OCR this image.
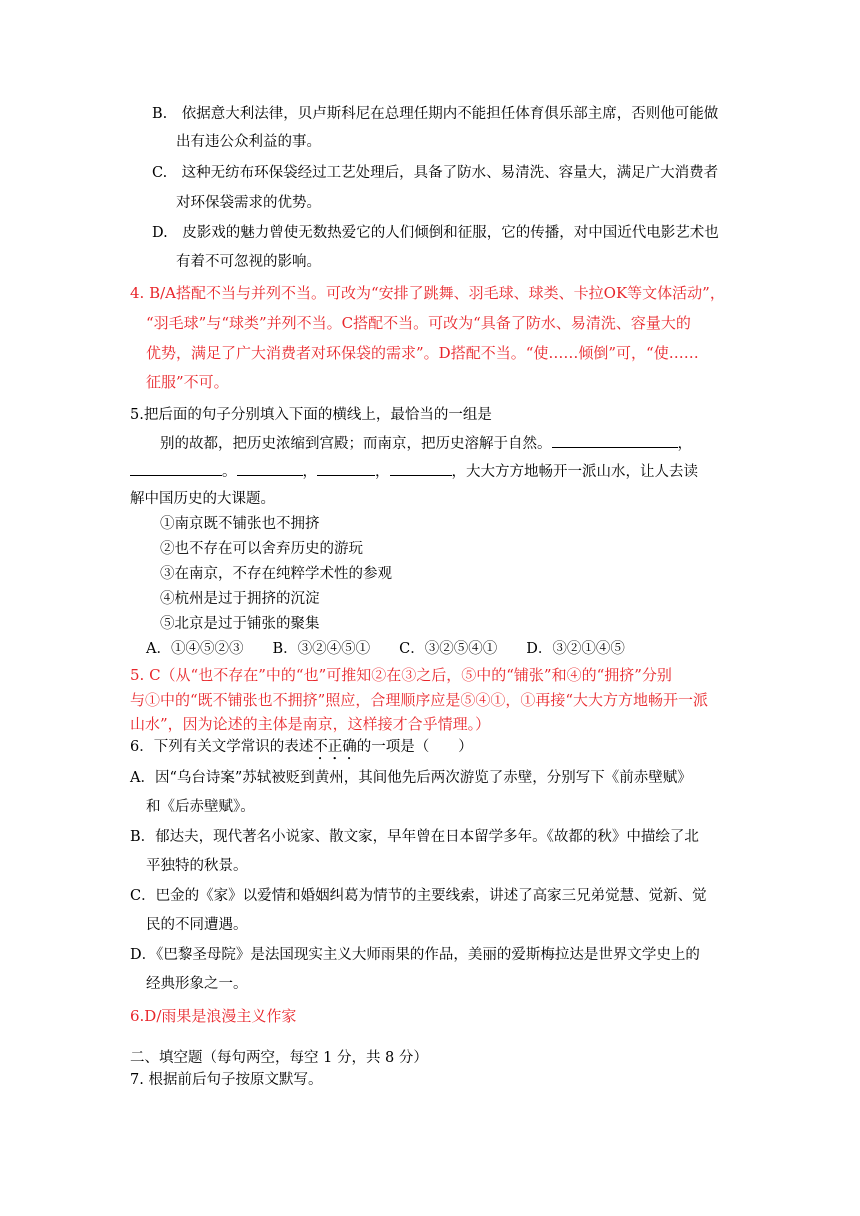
B.　依据意大利法律，贝卢斯科尼在总理任期内不能担任体育俱乐部主席，否则他可能做
出有违公众利益的事。
C.　这种无纺布环保袋经过工艺处理后，具备了防水、易清洗、容量大，满足广大消费者
对环保袋需求的优势。
D.　皮影戏的魅力曾使无数热爱它的人们倾倒和征服，它的传播，对中国近代电影艺术也
有着不可忽视的影响。
4. B/A搭配不当与并列不当。可改为“安排了跳舞、羽毛球、球类、卡拉OK等文体活动”，
“羽毛球”与“球类”并列不当。C搭配不当。可改为“具备了防水、易清洗、容量大的
优势，满足了广大消费者对环保袋的需求”。D搭配不当。“使……倾倒”可，“使……
征服”不可。
5.把后面的句子分别填入下面的横线上，最恰当的一组是
别的故都，把历史浓缩到宫殿；而南京，把历史溶解于自然。	，
。	，	，	，大大方方地畅开一派山水，让人去读
解中国历史的大课题。
①南京既不铺张也不拥挤
②也不存在可以舍弃历史的游玩
③在南京，不存在纯粹学术性的参观
④杭州是过于拥挤的沉淀
⑤北京是过于铺张的聚集
A．①④⑤②③　　B．③②④⑤①　　C．③②⑤④①　　D．③②①④⑤
5. C（从“也不存在”中的“也”可推知②在③之后，⑤中的“铺张”和④的“拥挤”分别
与①中的“既不铺张也不拥挤”照应，合理顺序应是⑤④①，①再接“大大方方地畅开一派
山水”，因为论述的主体是南京，这样接才合乎情理。）
6．下列有关文学常识的表述不正确的一项是（　　）
A．因“乌台诗案”苏轼被贬到黄州，其间他先后两次游览了赤壁，分别写下《前赤壁赋》
和《后赤壁赋》。
B．郁达夫，现代著名小说家、散文家，早年曾在日本留学多年。《故都的秋》中描绘了北
平独特的秋景。
C．巴金的《家》以爱情和婚姻纠葛为情节的主要线索，讲述了高家三兄弟觉慧、觉新、觉
民的不同遭遇。
D．《巴黎圣母院》是法国现实主义大师雨果的作品，美丽的爱斯梅拉达是世界文学史上的
经典形象之一。
6.D/雨果是浪漫主义作家
二、填空题（每句两空，每空 1 分，共 8 分）
7. 根据前后句子按原文默写。
